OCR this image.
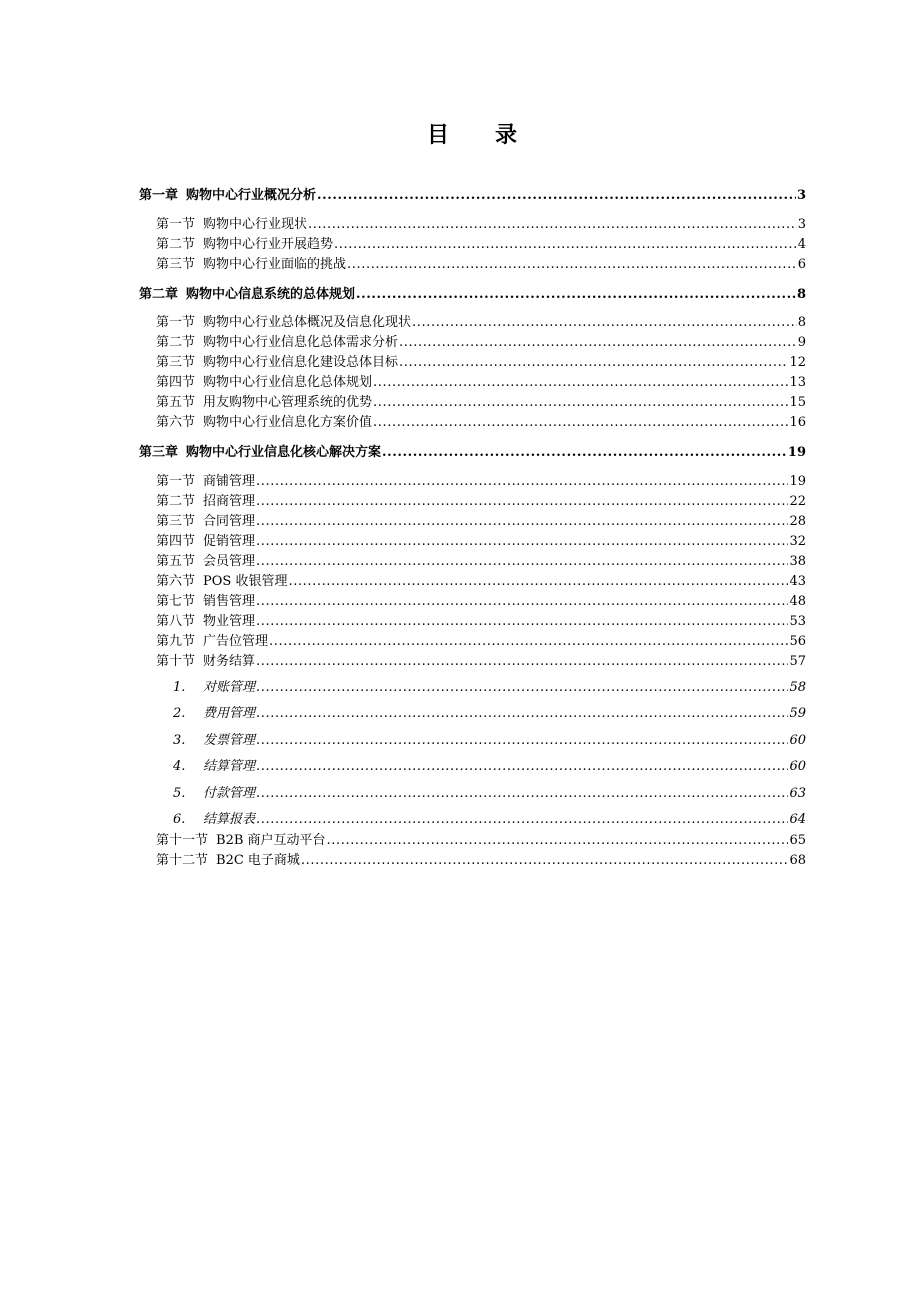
目 录
第一章 购物中心行业概况分析 .....	3
第一节 购物中心行业现状 .....	3
第二节 购物中心行业开展趋势 .....	4
第三节 购物中心行业面临的挑战 .....	6
第二章 购物中心信息系统的总体规划 .....	8
第一节 购物中心行业总体概况及信息化现状 .....	8
第二节 购物中心行业信息化总体需求分析 .....	9
第三节 购物中心行业信息化建设总体目标 .....	12
第四节 购物中心行业信息化总体规划 .....	13
第五节 用友购物中心管理系统的优势 .....	15
第六节 购物中心行业信息化方案价值 .....	16
第三章 购物中心行业信息化核心解决方案 .....	19
第一节 商铺管理 .....	19
第二节 招商管理 .....	22
第三节 合同管理 .....	28
第四节 促销管理 .....	32
第五节 会员管理 .....	38
第六节 POS 收银管理 .....	43
第七节 销售管理 .....	48
第八节 物业管理 .....	53
第九节 广告位管理 .....	56
第十节 财务结算 .....	57
1. 对账管理 .....	58
2. 费用管理 .....	59
3. 发票管理 .....	60
4. 结算管理 .....	60
5. 付款管理 .....	63
6. 结算报表 .....	64
第十一节 B2B 商户互动平台 .....	65
第十二节 B2C 电子商城 .....	68
